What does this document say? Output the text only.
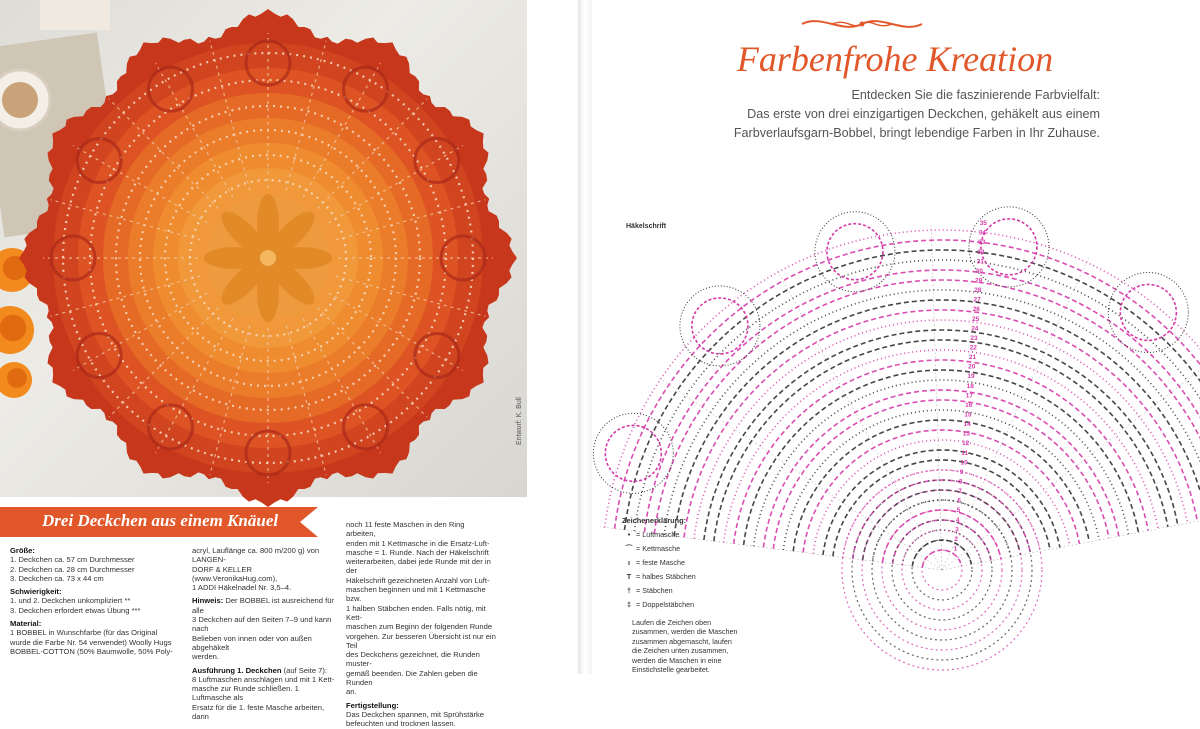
Entwurf: K. Bull
Drei Deckchen aus einem Knäuel
Größe:

1. Deckchen ca. 57 cm Durchmesser

2. Deckchen ca. 28 cm Durchmesser

3. Deckchen ca. 73 x 44 cm

Schwierigkeit:

1. und 2. Deckchen unkompliziert **

3. Deckchen erfordert etwas Übung ***

Material:

1 BOBBEL in Wunschfarbe (für das Original

wurde die Farbe Nr. 54 verwendet) Woolly Hugs

BOBBEL-COTTON (50% Baumwolle, 50% Poly-

acryl, Lauflänge ca. 800 m/200 g) von LANGEN-

DORF & KELLER (www.VeronikaHug.com),

1 ADDI Häkelnadel Nr. 3,5–4.

Hinweis: Der BOBBEL ist ausreichend für alle

3 Deckchen auf den Seiten 7–9 und kann nach

Belieben von innen oder von außen abgehäkelt

werden.

Ausführung 1. Deckchen (auf Seite 7):

8 Luftmaschen anschlagen und mit 1 Kett-

masche zur Runde schließen. 1 Luftmasche als

Ersatz für die 1. feste Masche arbeiten, dann

noch 11 feste Maschen in den Ring arbeiten,

enden mit 1 Kettmasche in die Ersatz-Luft-

masche = 1. Runde. Nach der Häkelschrift

weiterarbeiten, dabei jede Runde mit der in der

Häkelschrift gezeichneten Anzahl von Luft-

maschen beginnen und mit 1 Kettmasche bzw.

1 halben Stäbchen enden. Falls nötig, mit Kett-

maschen zum Beginn der folgenden Runde

vorgehen. Zur besseren Übersicht ist nur ein Teil

des Deckchens gezeichnet, die Runden muster-

gemäß beenden. Die Zahlen geben die Runden

an.

Fertigstellung:

Das Deckchen spannen, mit Sprühstärke

befeuchten und trocknen lassen.

Farbenfrohe Kreation
Entdecken Sie die faszinierende Farbvielfalt:
Das erste von drei einzigartigen Deckchen, gehäkelt aus einem
Farbverlaufsgarn-Bobbel, bringt lebendige Farben in Ihr Zuhause.
Häkelschrift	35
34
33
32
31
30
29
28
27
26
25
24
23
22
21
20
19
18
17
16
15
14
13
12
11
10
9
8
7
6
5
4
3
2
1
Zeichenerklärung:
• = Luftmasche
⌒ = Kettmasche
ı = feste Masche
T = halbes Stäbchen
† = Stäbchen
‡ = Doppelstäbchen
Laufen die Zeichen oben
zusammen, werden die Maschen
zusammen abgemascht, laufen
die Zeichen unten zusammen,
werden die Maschen in eine
Einstichstelle gearbeitet.
